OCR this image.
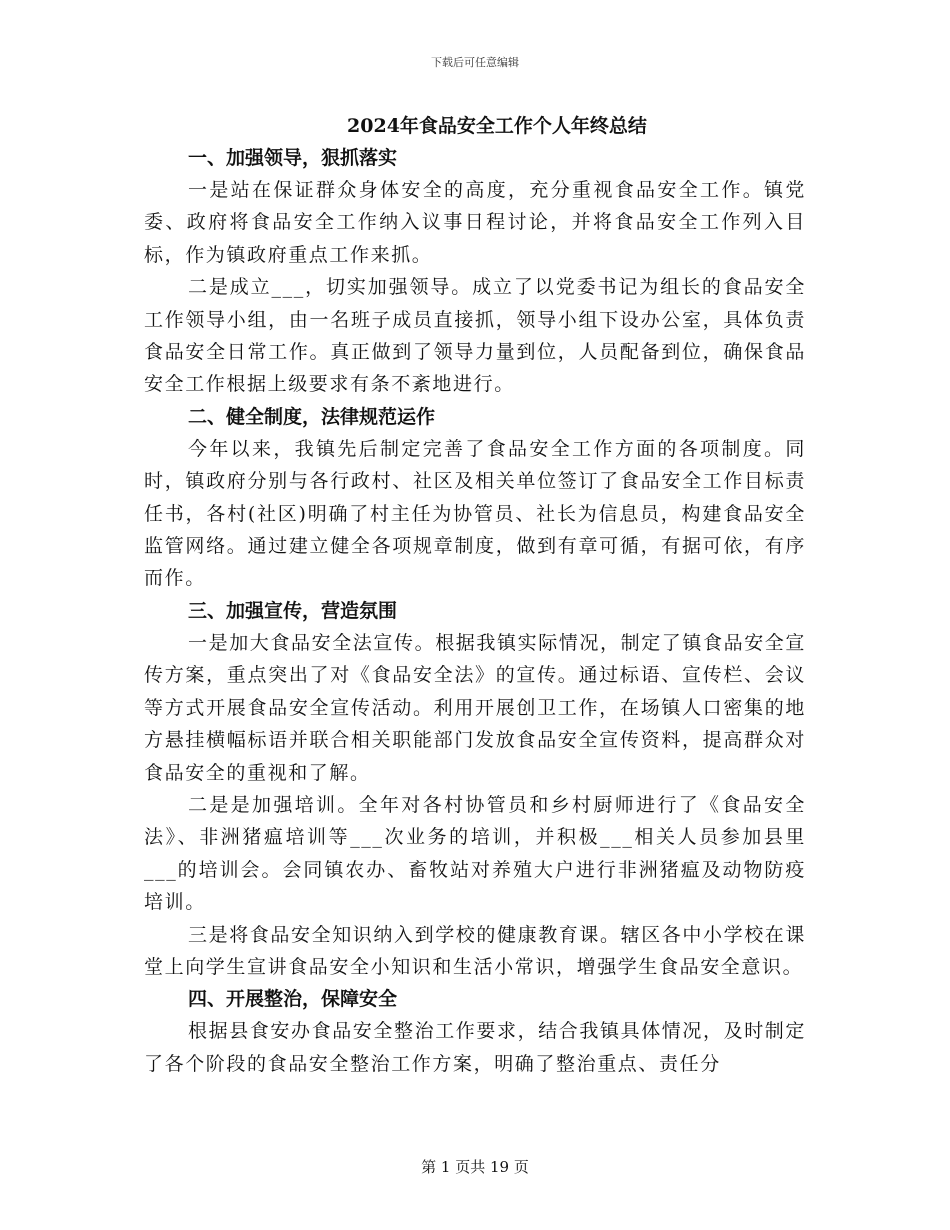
下载后可任意编辑
2024年食品安全工作个人年终总结
一、加强领导，狠抓落实

一是站在保证群众身体安全的高度，充分重视食品安全工作。镇党委、政府将食品安全工作纳入议事日程讨论，并将食品安全工作列入目标，作为镇政府重点工作来抓。

二是成立___，切实加强领导。成立了以党委书记为组长的食品安全工作领导小组，由一名班子成员直接抓，领导小组下设办公室，具体负责食品安全日常工作。真正做到了领导力量到位，人员配备到位，确保食品安全工作根据上级要求有条不紊地进行。

二、健全制度，法律规范运作

今年以来，我镇先后制定完善了食品安全工作方面的各项制度。同时，镇政府分别与各行政村、社区及相关单位签订了食品安全工作目标责任书，各村(社区)明确了村主任为协管员、社长为信息员，构建食品安全监管网络。通过建立健全各项规章制度，做到有章可循，有据可依，有序而作。

三、加强宣传，营造氛围

一是加大食品安全法宣传。根据我镇实际情况，制定了镇食品安全宣传方案，重点突出了对《食品安全法》的宣传。通过标语、宣传栏、会议等方式开展食品安全宣传活动。利用开展创卫工作，在场镇人口密集的地方悬挂横幅标语并联合相关职能部门发放食品安全宣传资料，提高群众对食品安全的重视和了解。

二是是加强培训。全年对各村协管员和乡村厨师进行了《食品安全法》、非洲猪瘟培训等___次业务的培训，并积极___相关人员参加县里___的培训会。会同镇农办、畜牧站对养殖大户进行非洲猪瘟及动物防疫培训。

三是将食品安全知识纳入到学校的健康教育课。辖区各中小学校在课堂上向学生宣讲食品安全小知识和生活小常识，增强学生食品安全意识。

四、开展整治，保障安全

根据县食安办食品安全整治工作要求，结合我镇具体情况，及时制定了各个阶段的食品安全整治工作方案，明确了整治重点、责任分

第 1 页共 19 页
